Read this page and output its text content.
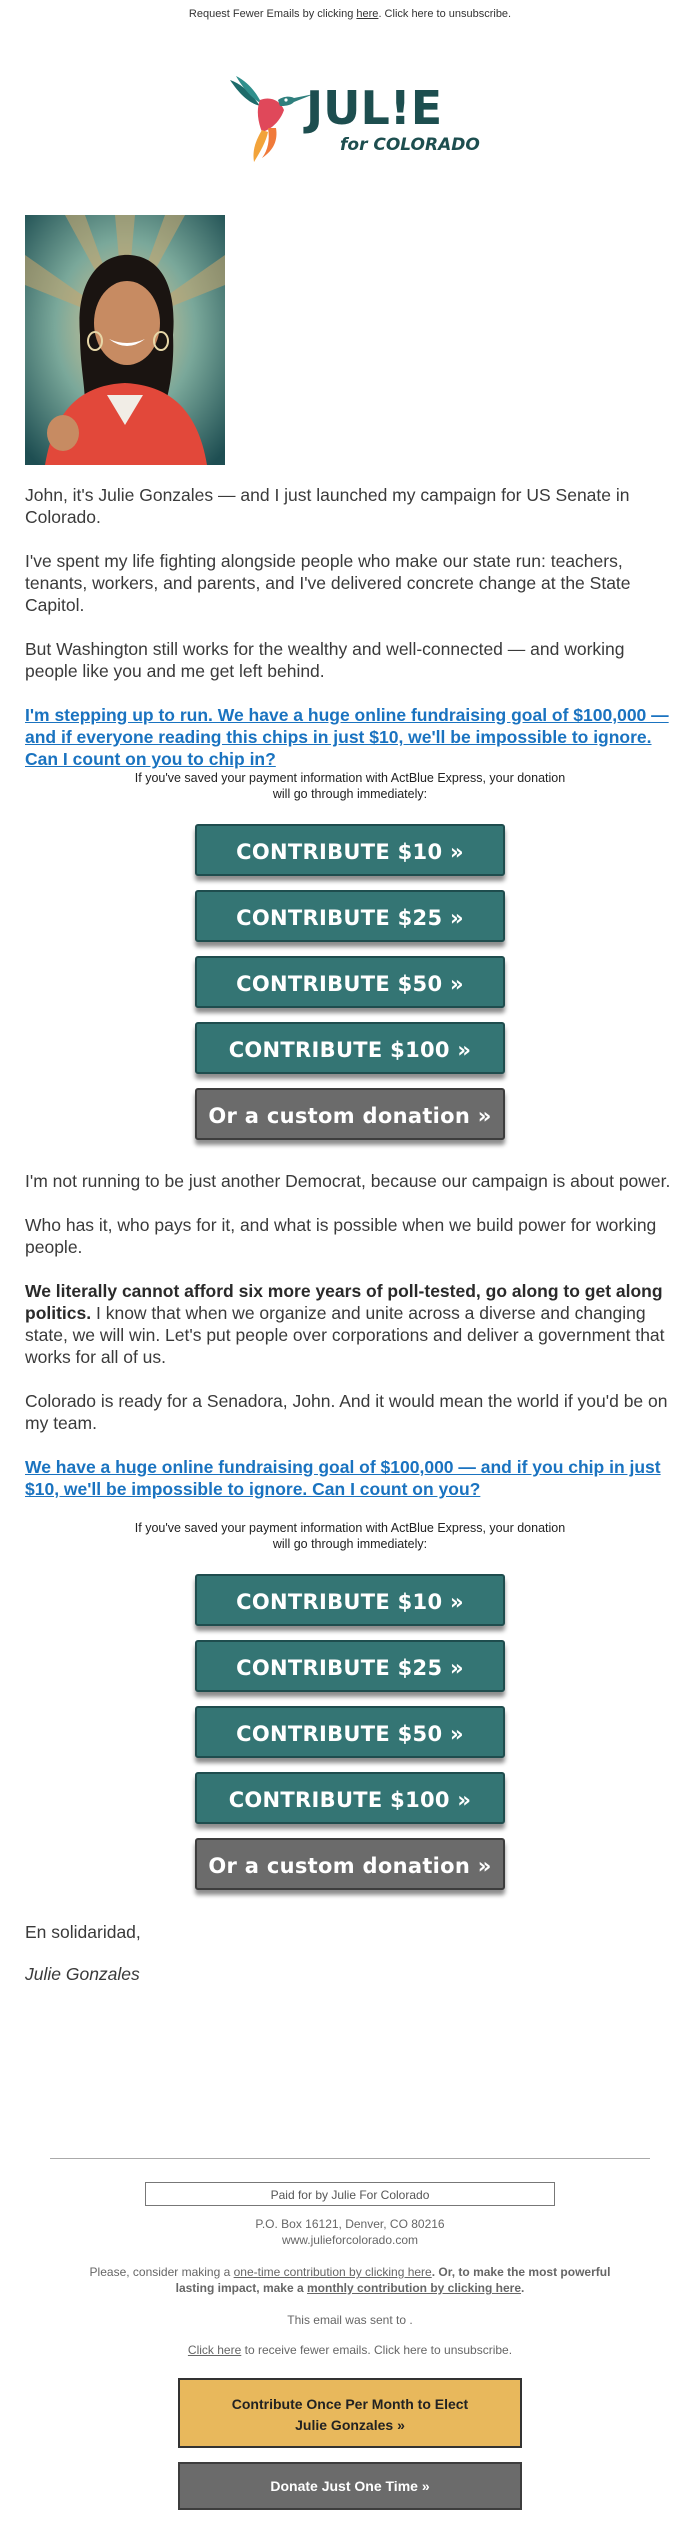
Request Fewer Emails by clicking here. Click here to unsubscribe.
JUL!E
for COLORADO

John, it's Julie Gonzales — and I just launched my campaign for US Senate in Colorado.

I've spent my life fighting alongside people who make our state run: teachers, tenants, workers, and parents, and I've delivered concrete change at the State Capitol.

But Washington still works for the wealthy and well-connected — and working people like you and me get left behind.

I'm stepping up to run. We have a huge online fundraising goal of $100,000 — and if everyone reading this chips in just $10, we'll be impossible to ignore. Can I count on you to chip in?

If you've saved your payment information with ActBlue Express, your donation will go through immediately:

CONTRIBUTE $10 »
CONTRIBUTE $25 »
CONTRIBUTE $50 »
CONTRIBUTE $100 »
Or a custom donation »

I'm not running to be just another Democrat, because our campaign is about power.

Who has it, who pays for it, and what is possible when we build power for working people.

We literally cannot afford six more years of poll-tested, go along to get along politics. I know that when we organize and unite across a diverse and changing state, we will win. Let's put people over corporations and deliver a government that works for all of us.

Colorado is ready for a Senadora, John. And it would mean the world if you'd be on my team.

We have a huge online fundraising goal of $100,000 — and if you chip in just $10, we'll be impossible to ignore. Can I count on you?

If you've saved your payment information with ActBlue Express, your donation will go through immediately:

CONTRIBUTE $10 »
CONTRIBUTE $25 »
CONTRIBUTE $50 »
CONTRIBUTE $100 »
Or a custom donation »

En solidaridad,

Julie Gonzales

Paid for by Julie For Colorado
P.O. Box 16121, Denver, CO 80216
www.julieforcolorado.com
Please, consider making a one-time contribution by clicking here. Or, to make the most powerful lasting impact, make a monthly contribution by clicking here.
This email was sent to .
Click here to receive fewer emails. Click here to unsubscribe.
Contribute Once Per Month to Elect
Julie Gonzales »
Donate Just One Time »
